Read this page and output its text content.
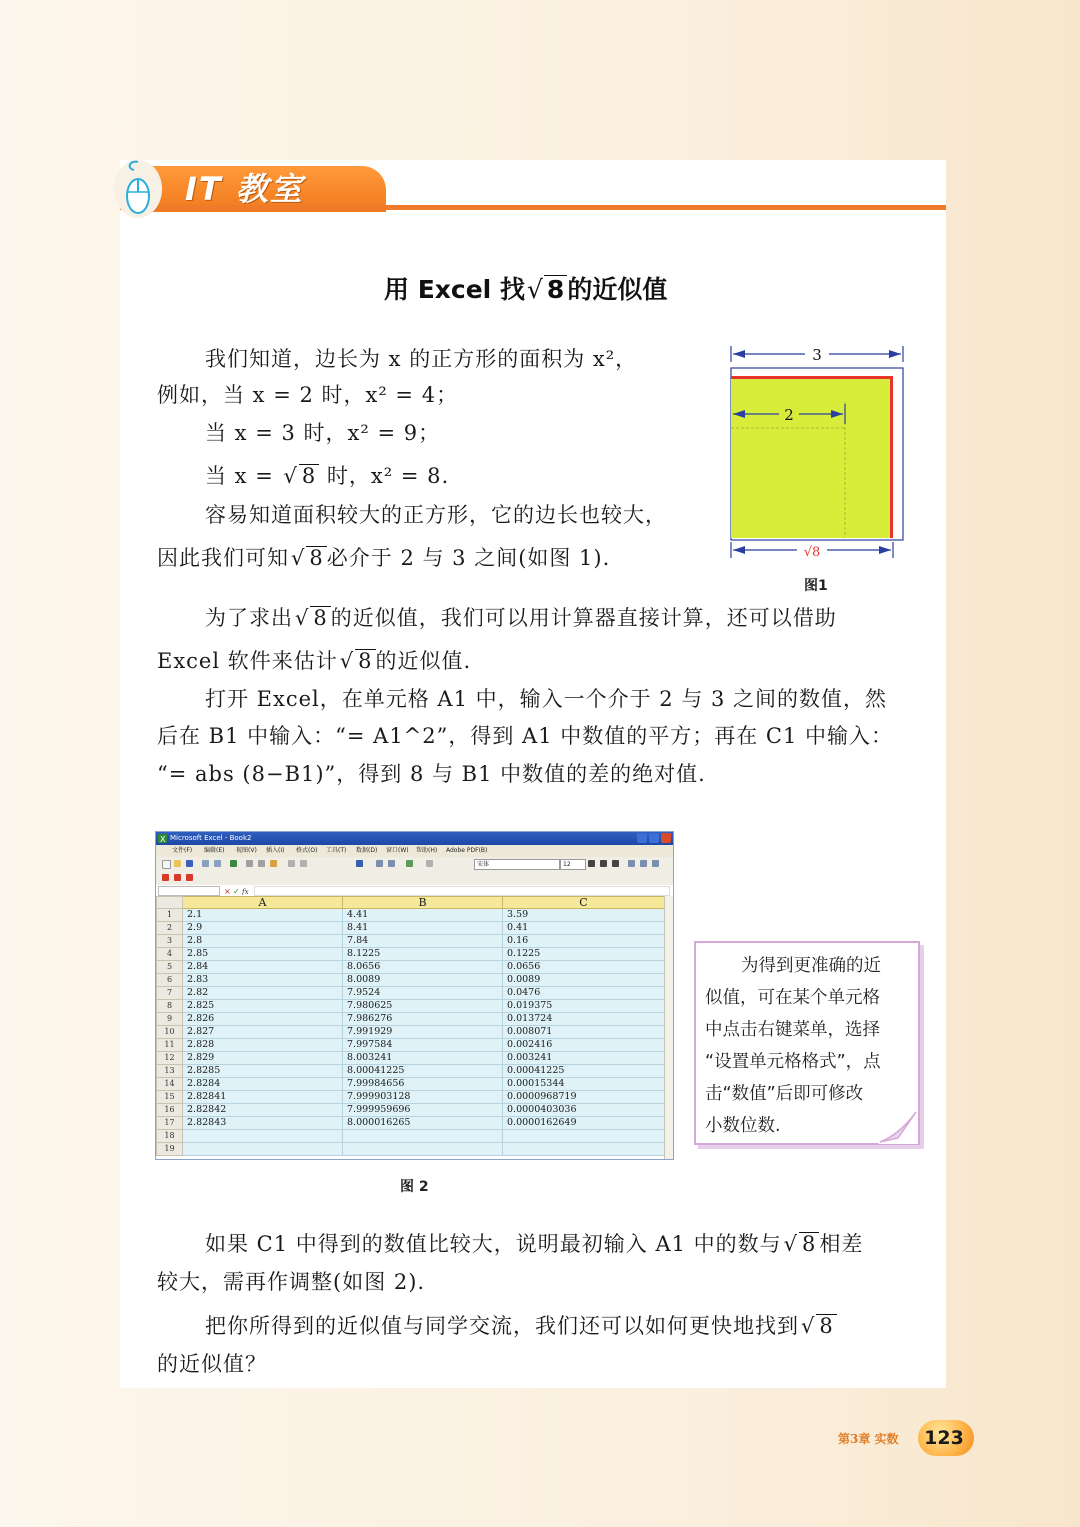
IT 教室
用 Excel 找√ 8 的近似值
我们知道，边长为 x 的正方形的面积为 x²，
例如，当 x = 2 时，x² = 4；
当 x = 3 时，x² = 9；
当 x = √ 8 时，x² = 8.
容易知道面积较大的正方形，它的边长也较大，
因此我们可知√ 8 必介于 2 与 3 之间(如图 1).
3
2
√8
图1
为了求出√ 8 的近似值，我们可以用计算器直接计算，还可以借助
Excel 软件来估计√ 8 的近似值.
打开 Excel，在单元格 A1 中，输入一个介于 2 与 3 之间的数值，然
后在 B1 中输入：“= A1^2”，得到 A1 中数值的平方；再在 C1 中输入：
“= abs (8−B1)”，得到 8 与 B1 中数值的差的绝对值.
X Microsoft Excel - Book2
文件(F) 编辑(E) 视图(V) 插入(I) 格式(O) 工具(T) 数据(D) 窗口(W) 帮助(H) Adobe PDF(B)
宋体	12
× ✓ fx
	A	B	C
1	2.1	4.41	3.59
2	2.9	8.41	0.41
3	2.8	7.84	0.16
4	2.85	8.1225	0.1225
5	2.84	8.0656	0.0656
6	2.83	8.0089	0.0089
7	2.82	7.9524	0.0476
8	2.825	7.980625	0.019375
9	2.826	7.986276	0.013724
10	2.827	7.991929	0.008071
11	2.828	7.997584	0.002416
12	2.829	8.003241	0.003241
13	2.8285	8.00041225	0.00041225
14	2.8284	7.99984656	0.00015344
15	2.82841	7.999903128	0.0000968719
16	2.82842	7.999959696	0.0000403036
17	2.82843	8.000016265	0.0000162649
18			
19			
图 2
为得到更准确的近
似值，可在某个单元格
中点击右键菜单，选择
“设置单元格格式”，点
击“数值”后即可修改
小数位数.
如果 C1 中得到的数值比较大，说明最初输入 A1 中的数与√ 8 相差
较大，需再作调整(如图 2).
把你所得到的近似值与同学交流，我们还可以如何更快地找到√ 8
的近似值？
第3章 实数	123
